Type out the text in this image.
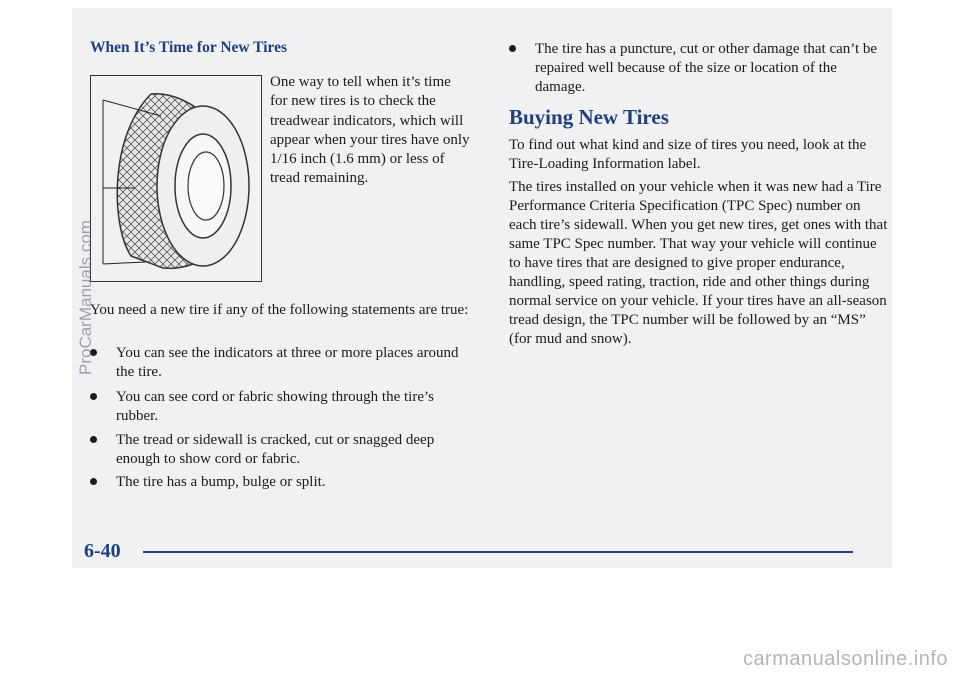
When It’s Time for New Tires
One way to tell when it’s time for new tires is to check the treadwear indicators, which will appear when your tires have only 1/16 inch (1.6 mm) or less of tread remaining.
You need a new tire if any of the following statements are true:
You can see the indicators at three or more places around the tire.
You can see cord or fabric showing through the tire’s rubber.
The tread or sidewall is cracked, cut or snagged deep enough to show cord or fabric.
The tire has a bump, bulge or split.
The tire has a puncture, cut or other damage that can’t be repaired well because of the size or location of the damage.
Buying New Tires
To find out what kind and size of tires you need, look at the Tire-Loading Information label.
The tires installed on your vehicle when it was new had a Tire Performance Criteria Specification (TPC Spec) number on each tire’s sidewall. When you get new tires, get ones with that same TPC Spec number. That way your vehicle will continue to have tires that are designed to give proper endurance, handling, speed rating, traction, ride and other things during normal service on your vehicle. If your tires have an all-season tread design, the TPC number will be followed by an “MS” (for mud and snow).
6-40
ProCarManuals.com
carmanualsonline.info
